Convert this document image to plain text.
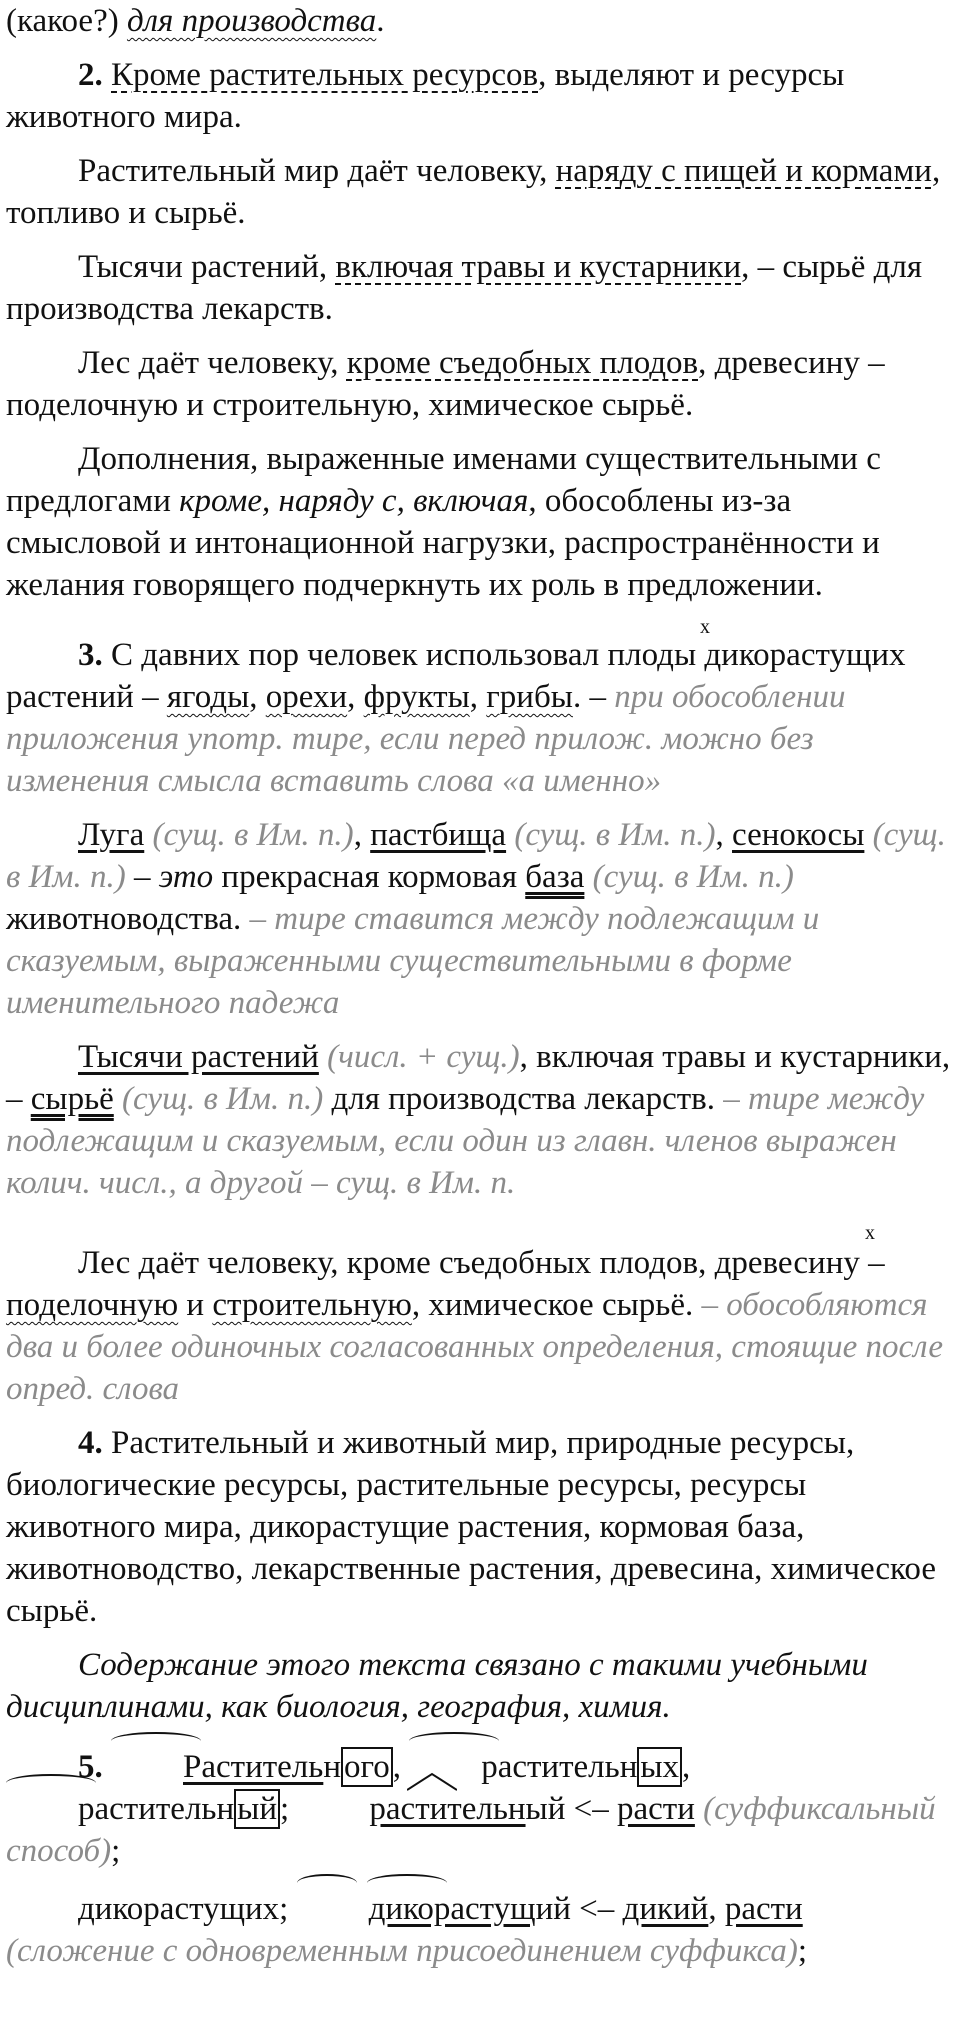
(какое?) для производства.

2. Кроме растительных ресурсов, выделяют и ресурсы животного мира.

Растительный мир даёт человеку, наряду с пищей и кормами, топливо и сырьё.

Тысячи растений, включая травы и кустарники, – сырьё для производства лекарств.

Лес даёт человеку, кроме съедобных плодов, древесину – поделочную и строительную, химическое сырьё.

Дополнения, выраженные именами существительными с предлогами кроме, наряду с, включая, обособлены из-за смысловой и интонационной нагрузки, распространённости и желания говорящего подчеркнуть их роль в предложении.

x

3. С давних пор человек использовал плоды дикорастущих растений – ягоды, орехи, фрукты, грибы. – при обособлении приложения употр. тире, если перед прилож. можно без изменения смысла вставить слова «а именно»

Луга (сущ. в Им. п.), пастбища (сущ. в Им. п.), сенокосы (сущ. в Им. п.) – это прекрасная кормовая база (сущ. в Им. п.) животноводства. – тире ставится между подлежащим и сказуемым, выраженными существительными в форме именительного падежа

Тысячи растений (числ. + сущ.), включая травы и кустарники, – сырьё (сущ. в Им. п.) для производства лекарств. – тире между подлежащим и сказуемым, если один из главн. членов выражен колич. числ., а другой – сущ. в Им. п.

x

Лес даёт человеку, кроме съедобных плодов, древесину – поделочную и строительную, химическое сырьё. – обособляются два и более одиночных согласованных определения, стоящие после опред. слова

4. Растительный и животный мир, природные ресурсы, биологические ресурсы, растительные ресурсы, ресурсы животного мира, дикорастущие растения, кормовая база, животноводство, лекарственные растения, древесина, химическое сырьё.

Содержание этого текста связано с такими учебными дисциплинами, как биология, география, химия.

5. Растительного,
растительных,
растительный; растительный <– расти (суффиксальный способ);

дикорастущих;
дикорастущий <– дикий, расти (сложение с одновременным присоединением суффикса);
